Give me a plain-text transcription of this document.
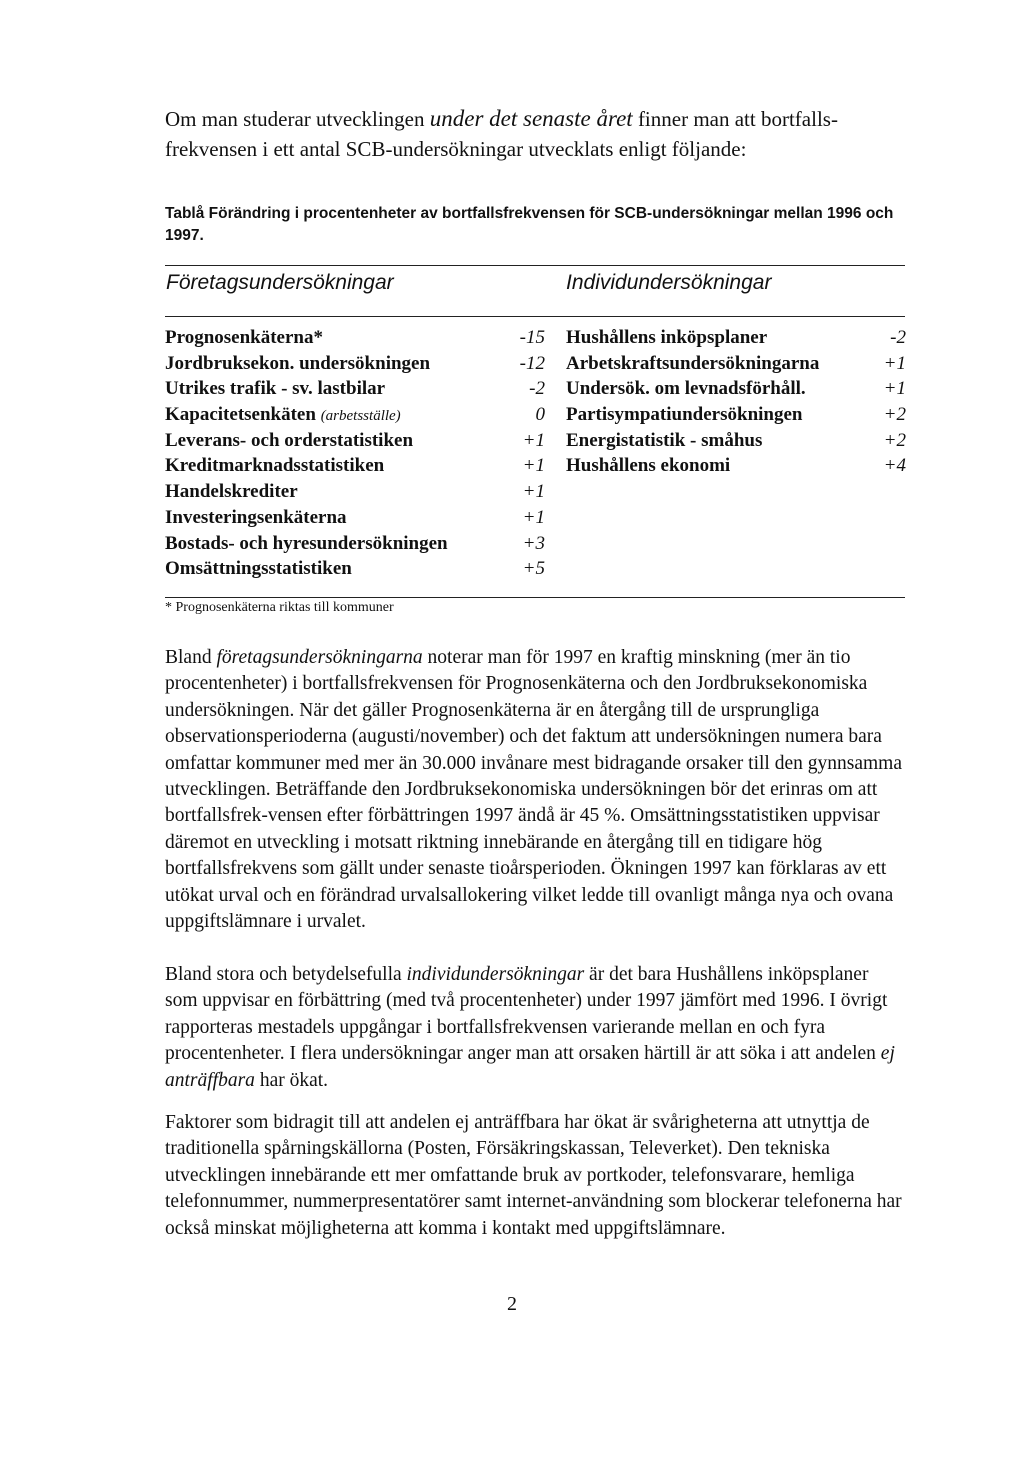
Om man studerar utvecklingen under det senaste året finner man att bortfalls-frekvensen i ett antal SCB-undersökningar utvecklats enligt följande:
Tablå Förändring i procentenheter av bortfallsfrekvensen för SCB-undersökningar mellan 1996 och 1997.
Företagsundersökningar	Individundersökningar
Prognosenkäterna*	-15
Jordbruksekon. undersökningen	-12
Utrikes trafik - sv. lastbilar	-2
Kapacitetsenkäten (arbetsställe)	0
Leverans- och orderstatistiken	+1
Kreditmarknadsstatistiken	+1
Handelskrediter	+1
Investeringsenkäterna	+1
Bostads- och hyresundersökningen	+3
Omsättningsstatistiken	+5
Hushållens inköpsplaner	-2
Arbetskraftsundersökningarna	+1
Undersök. om levnadsförhåll.	+1
Partisympatiundersökningen	+2
Energistatistik - småhus	+2
Hushållens ekonomi	+4
* Prognosenkäterna riktas till kommuner
Bland företagsundersökningarna noterar man för 1997 en kraftig minskning (mer än tio procentenheter) i bortfallsfrekvensen för Prognosenkäterna och den Jordbruksekonomiska undersökningen. När det gäller Prognosenkäterna är en återgång till de ursprungliga observationsperioderna (augusti/november) och det faktum att undersökningen numera bara omfattar kommuner med mer än 30.000 invånare mest bidragande orsaker till den gynnsamma utvecklingen. Beträffande den Jordbruksekonomiska undersökningen bör det erinras om att bortfallsfrek-vensen efter förbättringen 1997 ändå är 45 %. Omsättningsstatistiken uppvisar däremot en utveckling i motsatt riktning innebärande en återgång till en tidigare hög bortfallsfrekvens som gällt under senaste tioårsperioden. Ökningen 1997 kan förklaras av ett utökat urval och en förändrad urvalsallokering vilket ledde till ovanligt många nya och ovana uppgiftslämnare i urvalet.
Bland stora och betydelsefulla individundersökningar är det bara Hushållens inköpsplaner som uppvisar en förbättring (med två procentenheter) under 1997 jämfört med 1996. I övrigt rapporteras mestadels uppgångar i bortfallsfrekvensen varierande mellan en och fyra procentenheter. I flera undersökningar anger man att orsaken härtill är att söka i att andelen ej anträffbara har ökat.
Faktorer som bidragit till att andelen ej anträffbara har ökat är svårigheterna att utnyttja de traditionella spårningskällorna (Posten, Försäkringskassan, Televerket). Den tekniska utvecklingen innebärande ett mer omfattande bruk av portkoder, telefonsvarare, hemliga telefonnummer, nummerpresentatörer samt internet-användning som blockerar telefonerna har också minskat möjligheterna att komma i kontakt med uppgiftslämnare.
2
